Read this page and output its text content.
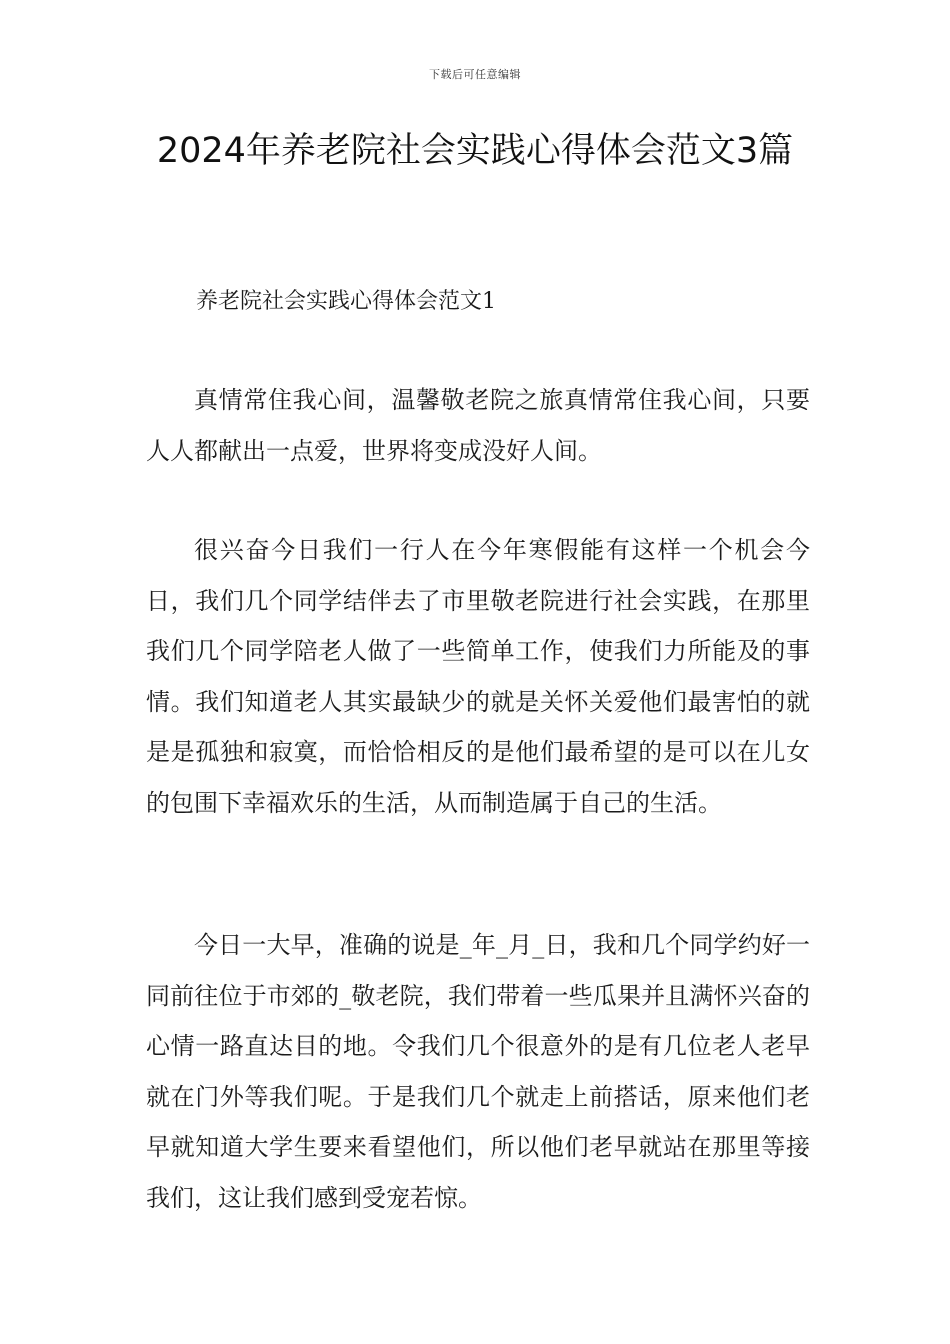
下载后可任意编辑
2024年养老院社会实践心得体会范文3篇
养老院社会实践心得体会范文1

真情常住我心间，温馨敬老院之旅真情常住我心间，只要人人都献出一点爱，世界将变成没好人间。

很兴奋今日我们一行人在今年寒假能有这样一个机会今日，我们几个同学结伴去了市里敬老院进行社会实践，在那里我们几个同学陪老人做了一些简单工作，使我们力所能及的事情。我们知道老人其实最缺少的就是关怀关爱他们最害怕的就是是孤独和寂寞，而恰恰相反的是他们最希望的是可以在儿女的包围下幸福欢乐的生活，从而制造属于自己的生活。

今日一大早，准确的说是_年_月_日，我和几个同学约好一同前往位于市郊的_敬老院，我们带着一些瓜果并且满怀兴奋的心情一路直达目的地。令我们几个很意外的是有几位老人老早就在门外等我们呢。于是我们几个就走上前搭话，原来他们老早就知道大学生要来看望他们，所以他们老早就站在那里等接我们，这让我们感到受宠若惊。
